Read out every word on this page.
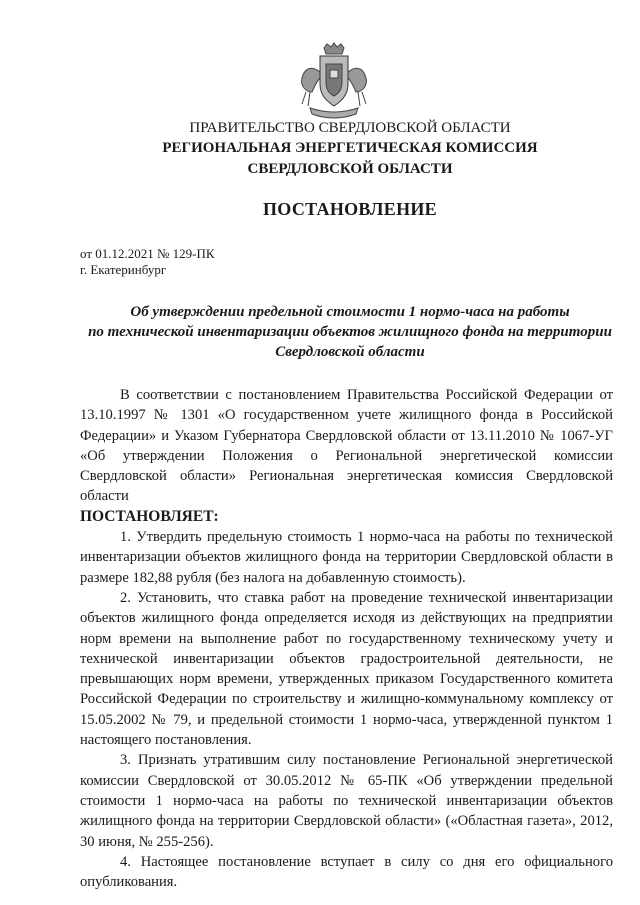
ПРАВИТЕЛЬСТВО СВЕРДЛОВСКОЙ ОБЛАСТИ

РЕГИОНАЛЬНАЯ ЭНЕРГЕТИЧЕСКАЯ КОМИССИЯ

СВЕРДЛОВСКОЙ ОБЛАСТИ

ПОСТАНОВЛЕНИЕ
от 01.12.2021 № 129-ПК
г. Екатеринбург
Об утверждении предельной стоимости 1 нормо-часа на работы
по технической инвентаризации объектов жилищного фонда на территории
Свердловской области

В соответствии с постановлением Правительства Российской Федерации от 13.10.1997 № 1301 «О государственном учете жилищного фонда в Российской Федерации» и Указом Губернатора Свердловской области от 13.11.2010 № 1067-УГ «Об утверждении Положения о Региональной энергетической комиссии Свердловской области» Региональная энергетическая комиссия Свердловской области

ПОСТАНОВЛЯЕТ:

1. Утвердить предельную стоимость 1 нормо-часа на работы по технической инвентаризации объектов жилищного фонда на территории Свердловской области в размере 182,88 рубля (без налога на добавленную стоимость).

2. Установить, что ставка работ на проведение технической инвентаризации объектов жилищного фонда определяется исходя из действующих на предприятии норм времени на выполнение работ по государственному техническому учету и технической инвентаризации объектов градостроительной деятельности, не превышающих норм времени, утвержденных приказом Государственного комитета Российской Федерации по строительству и жилищно-коммунальному комплексу от 15.05.2002 № 79, и предельной стоимости 1 нормо-часа, утвержденной пунктом 1 настоящего постановления.

3. Признать утратившим силу постановление Региональной энергетической комиссии Свердловской от 30.05.2012 № 65-ПК «Об утверждении предельной стоимости 1 нормо-часа на работы по технической инвентаризации объектов жилищного фонда на территории Свердловской области» («Областная газета», 2012, 30 июня, № 255-256).

4. Настоящее постановление вступает в силу со дня его официального опубликования.
